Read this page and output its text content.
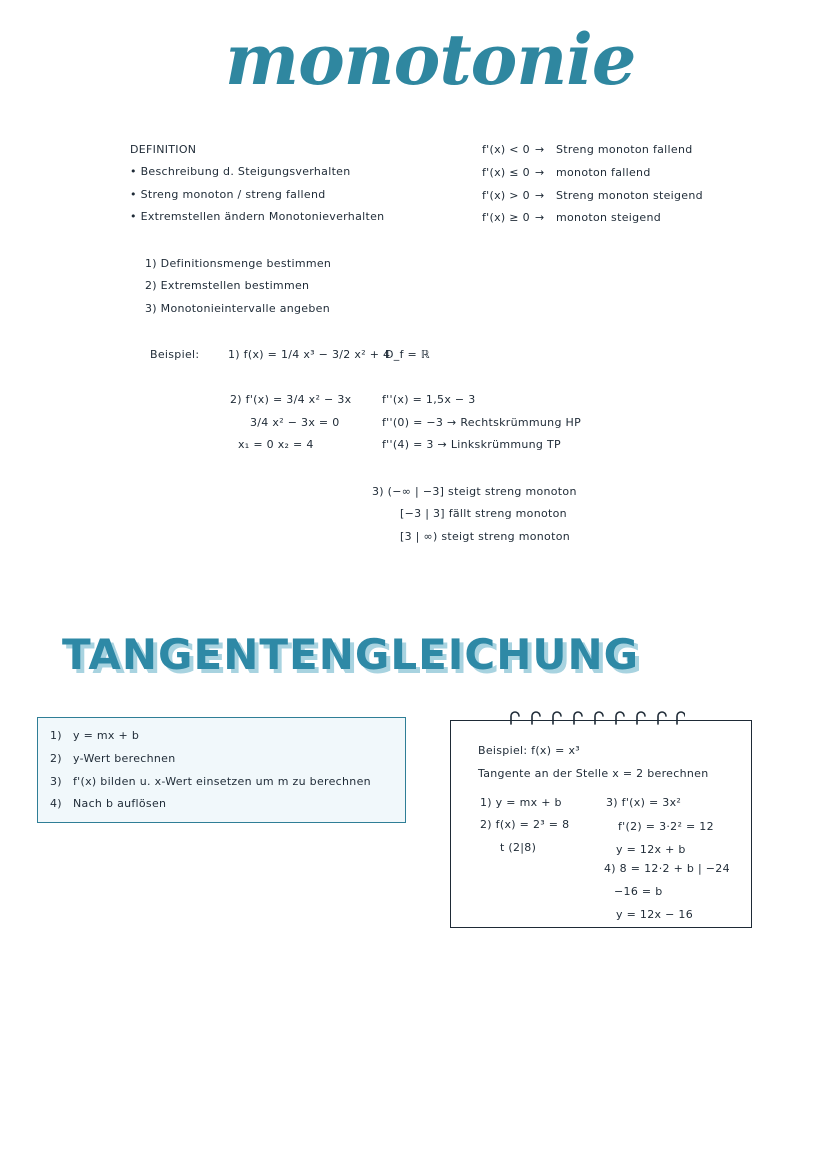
monotonie
DEFINITION
• Beschreibung d. Steigungsverhalten
• Streng monoton / streng fallend
• Extremstellen ändern Monotonieverhalten
f'(x) < 0 → Streng monoton fallend
f'(x) ≤ 0 → monoton fallend
f'(x) > 0 → Streng monoton steigend
f'(x) ≥ 0 → monoton steigend
1) Definitionsmenge bestimmen
2) Extremstellen bestimmen
3) Monotonieintervalle angeben
Beispiel:	1) f(x) = 1/4 x³ − 3/2 x² + 4
D_f = ℝ
2) f'(x) = 3/4 x² − 3x
3/4 x² − 3x = 0
x₁ = 0 x₂ = 4
f''(x) = 1,5x − 3
f''(0) = −3 → Rechtskrümmung HP
f''(4) = 3 → Linkskrümmung TP
3) (−∞ | −3] steigt streng monoton
[−3 | 3] fällt streng monoton
[3 | ∞) steigt streng monoton
TANGENTENGLEICHUNG
1) y = mx + b
2) y-Wert berechnen
3) f'(x) bilden u. x-Wert einsetzen um m zu berechnen
4) Nach b auflösen
Beispiel: f(x) = x³
Tangente an der Stelle x = 2 berechnen
1) y = mx + b
2) f(x) = 2³ = 8
t (2|8)
3) f'(x) = 3x²
f'(2) = 3·2² = 12
y = 12x + b
4) 8 = 12·2 + b | −24
−16 = b
y = 12x − 16
